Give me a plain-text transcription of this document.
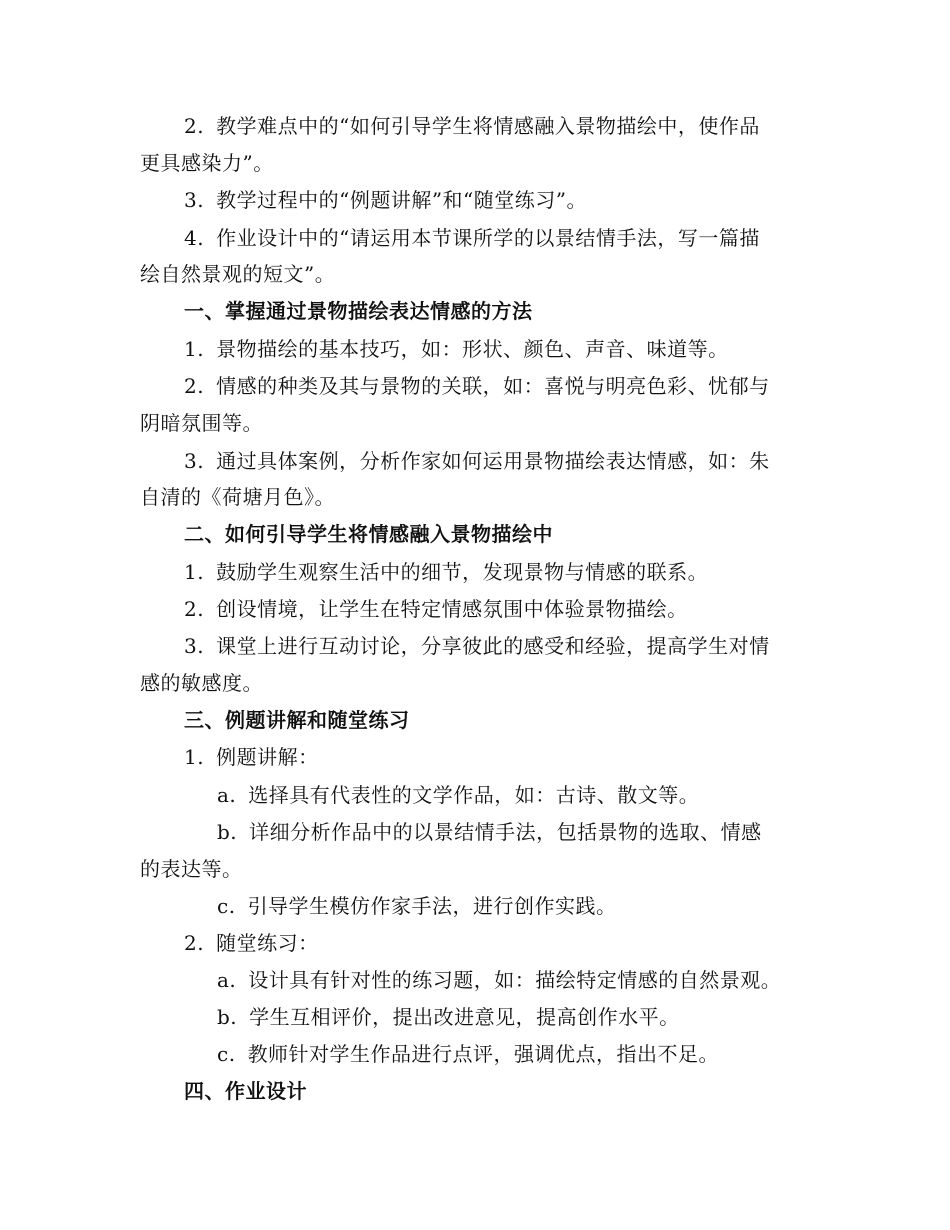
2. 教学难点中的“如何引导学生将情感融入景物描绘中，使作品
更具感染力”。
3. 教学过程中的“例题讲解”和“随堂练习”。
4. 作业设计中的“请运用本节课所学的以景结情手法，写一篇描
绘自然景观的短文”。
一、掌握通过景物描绘表达情感的方法
1. 景物描绘的基本技巧，如：形状、颜色、声音、味道等。
2. 情感的种类及其与景物的关联，如：喜悦与明亮色彩、忧郁与
阴暗氛围等。
3. 通过具体案例，分析作家如何运用景物描绘表达情感，如：朱
自清的《荷塘月色》。
二、如何引导学生将情感融入景物描绘中
1. 鼓励学生观察生活中的细节，发现景物与情感的联系。
2. 创设情境，让学生在特定情感氛围中体验景物描绘。
3. 课堂上进行互动讨论，分享彼此的感受和经验，提高学生对情
感的敏感度。
三、例题讲解和随堂练习
1. 例题讲解：
a. 选择具有代表性的文学作品，如：古诗、散文等。
b. 详细分析作品中的以景结情手法，包括景物的选取、情感
的表达等。
c. 引导学生模仿作家手法，进行创作实践。
2. 随堂练习：
a. 设计具有针对性的练习题，如：描绘特定情感的自然景观。
b. 学生互相评价，提出改进意见，提高创作水平。
c. 教师针对学生作品进行点评，强调优点，指出不足。
四、作业设计
